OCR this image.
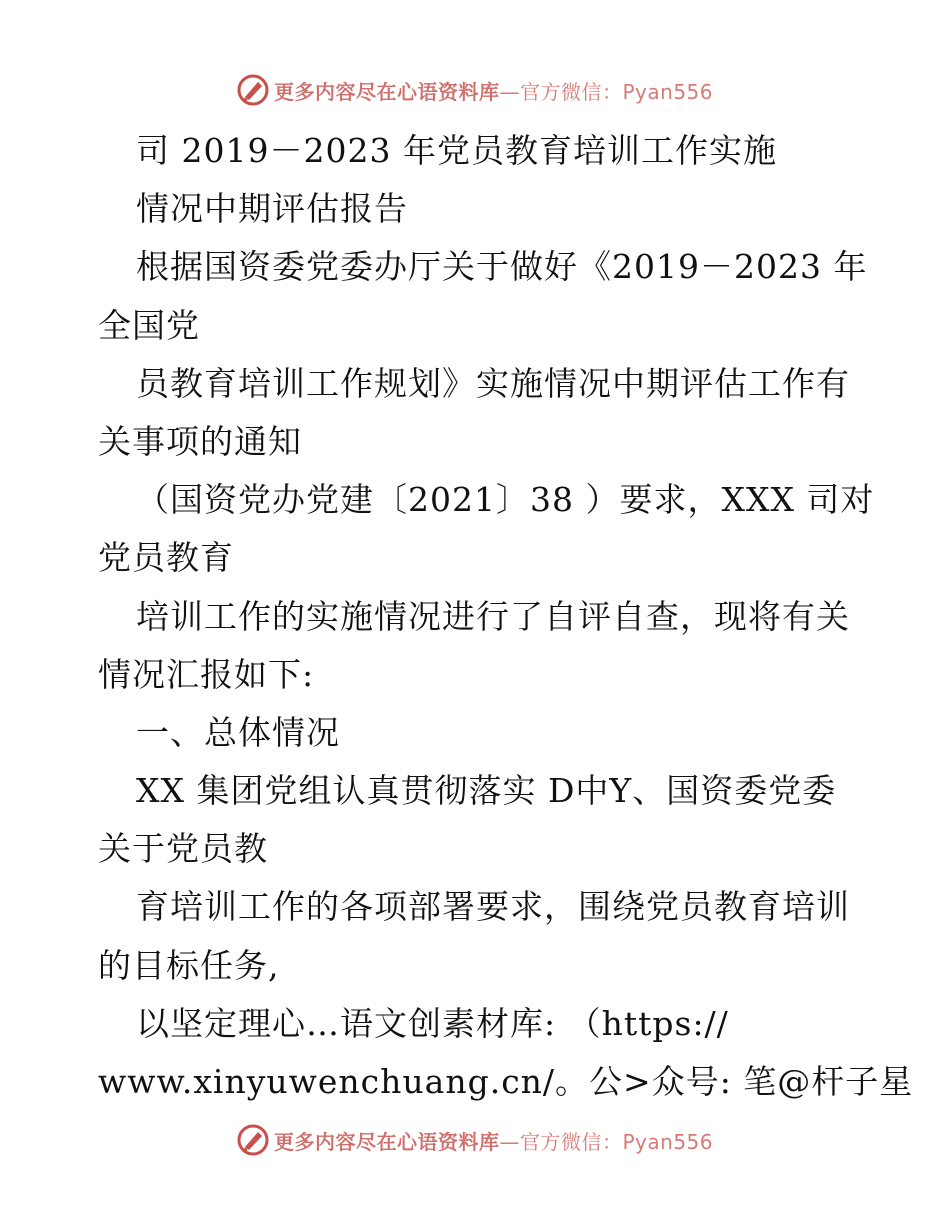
更多内容尽在心语资料库—官方微信：Pyan556
司 2019－2023 年党员教育培训工作实施
情况中期评估报告
根据国资委党委办厅关于做好《2019－2023 年
全国党
员教育培训工作规划》实施情况中期评估工作有
关事项的通知
（国资党办党建〔2021〕38 ）要求，XXX 司对
党员教育
培训工作的实施情况进行了自评自查，现将有关
情况汇报如下:
一、总体情况
XX 集团党组认真贯彻落实 D中Y、国资委党委
关于党员教
育培训工作的各项部署要求，围绕党员教育培训
的目标任务,
以坚定理心…语文创素材库: （https://
www.xinyuwenchuang.cn/。公>众号: 笔@杆子星
更多内容尽在心语资料库—官方微信：Pyan556
